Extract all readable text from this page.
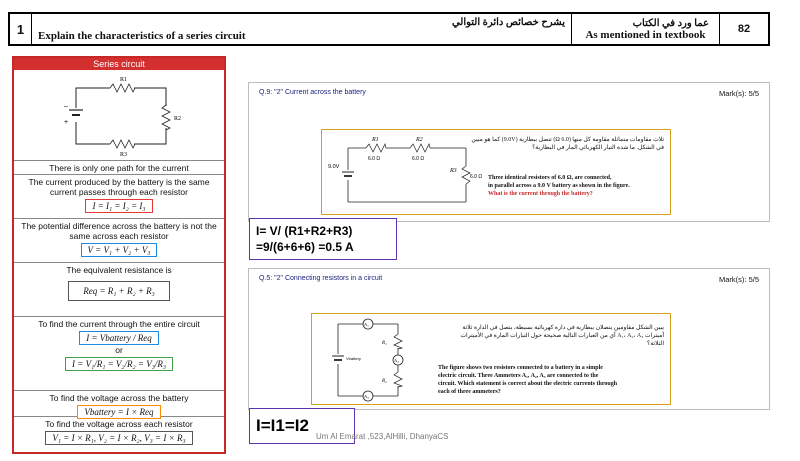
1	يشرح خصائص دائرة التوالي
Explain the characteristics of a series circuit
عما ورد في الكتاب
As mentioned in textbook	82
Series circuit
R1
R2
R3
–
+
There is only one path for the current
The current produced by the battery is the same current passes through each resistor
I = I₁ = I₂ = I₃
The potential difference across the battery is not the same across each resistor
V = V₁ + V₂ + V₃
The equivalent resistance is
Req = R₁ + R₂ + R₃
To find the current through the entire circuit
I = Vbattery / Req
or
I = V₁/R₁ = V₂/R₂ = V₃/R₃
To find the voltage across the battery
Vbattery = I × Req
To find the voltage across each resistor
V₁ = I × R₁, V₂ = I × R₂, V₃ = I × R₃
Q.9: "2" Current across the battery	Mark(s): 5/5
R1	R2
R3
6.0 Ω	6.0 Ω
6.0 Ω
9.0V
ثلاث مقاومات متماثلة مقاومة كل منها (6.0 Ω) تتصل ببطارية (9.0V) كما هو مبين في الشكل. ما شدة التيار الكهربائي المار في البطارية؟
Three identical resistors of 6.0 Ω, are connected,
in parallel across a 9.0 V battery as shown in the figure.
What is the current through the battery?
I= V/ (R1+R2+R3)
=9/(6+6+6) =0.5 A
Q.5: "2" Connecting resistors in a circuit	Mark(s): 5/5
A₁
A₂
A₃
R₁
R₂
Vbattery
يبين الشكل مقاومين يتصلان ببطارية في دارة كهربائية بسيطة، يتصل في الدارة ثلاثة أميترات A₁، A₂، A₃ أي من العبارات التالية صحيحة حول التيارات المارة في الأميترات الثلاثة؟
The figure shows two resistors connected to a battery in a simple
electric circuit. Three Ammeters A₁, A₂, A₃ are connected to the
circuit. Which statement is correct about the electric currents through
each of three ammeters?
I=I1=I2
Um Al Emarat ,523,AlHilli, DhanyaCS
